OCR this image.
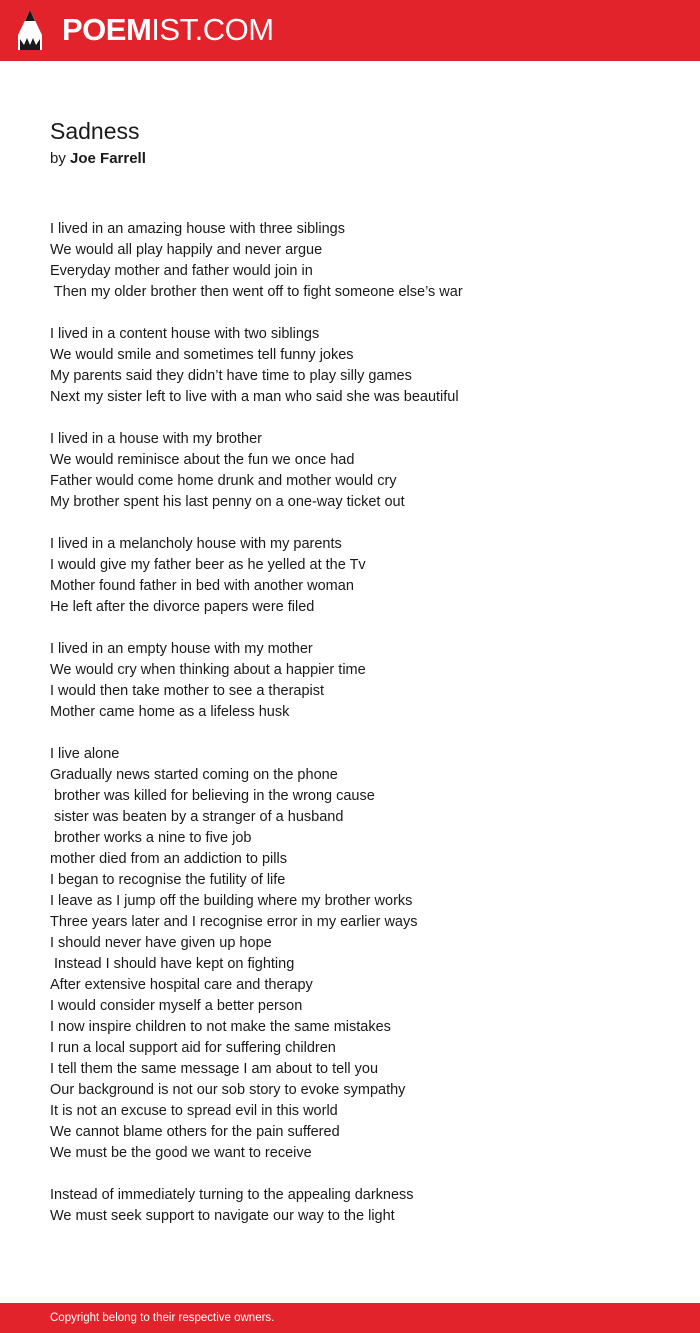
POEMIST.COM
Sadness
by Joe Farrell
I lived in an amazing house with three siblings
We would all play happily and never argue
Everyday mother and father would join in
Then my older brother then went off to fight someone else’s war
I lived in a content house with two siblings
We would smile and sometimes tell funny jokes
My parents said they didn’t have time to play silly games
Next my sister left to live with a man who said she was beautiful
I lived in a house with my brother
We would reminisce about the fun we once had
Father would come home drunk and mother would cry
My brother spent his last penny on a one-way ticket out
I lived in a melancholy house with my parents
I would give my father beer as he yelled at the Tv
Mother found father in bed with another woman
He left after the divorce papers were filed
I lived in an empty house with my mother
We would cry when thinking about a happier time
I would then take mother to see a therapist
Mother came home as a lifeless husk
I live alone
Gradually news started coming on the phone
brother was killed for believing in the wrong cause
sister was beaten by a stranger of a husband
brother works a nine to five job
mother died from an addiction to pills
I began to recognise the futility of life
I leave as I jump off the building where my brother works
Three years later and I recognise error in my earlier ways
I should never have given up hope
Instead I should have kept on fighting
After extensive hospital care and therapy
I would consider myself a better person
I now inspire children to not make the same mistakes
I run a local support aid for suffering children
I tell them the same message I am about to tell you
Our background is not our sob story to evoke sympathy
It is not an excuse to spread evil in this world
We cannot blame others for the pain suffered
We must be the good we want to receive
Instead of immediately turning to the appealing darkness
We must seek support to navigate our way to the light
Copyright belong to their respective owners.
